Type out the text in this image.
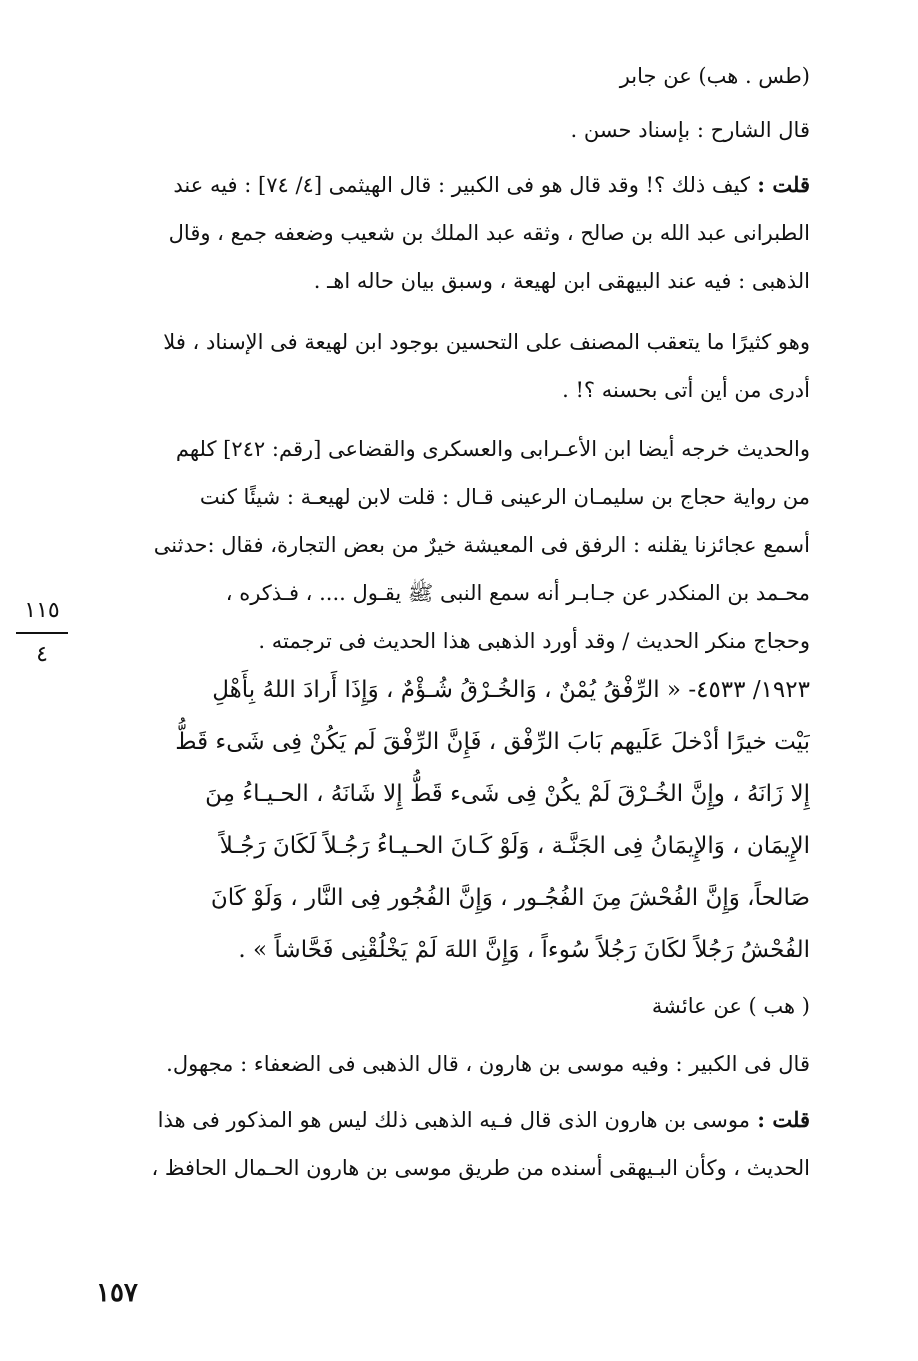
(طس . هب) عن جابر
قال الشارح : بإسناد حسن .
قلت : كيف ذلك ؟! وقد قال هو فى الكبير : قال الهيثمى [٤/ ٧٤] : فيه عند
الطبرانى عبد الله بن صالح ، وثقه عبد الملك بن شعيب وضعفه جمع ، وقال
الذهبى : فيه عند البيهقى ابن لهيعة ، وسبق بيان حاله اهـ .
وهو كثيرًا ما يتعقب المصنف على التحسين بوجود ابن لهيعة فى الإسناد ، فلا
أدرى من أين أتى بحسنه ؟! .
والحديث خرجه أيضا ابن الأعـرابى والعسكرى والقضاعى [رقم: ٢٤٢] كلهم
من رواية حجاج بن سليمـان الرعينى قـال : قلت لابن لهيعـة : شيئًا كنت
أسمع عجائزنا يقلنه : الرفق فى المعيشة خيرٌ من بعض التجارة، فقال :حدثنى
محـمد بن المنكدر عن جـابـر أنه سمع النبى ﷺ يقـول .... ، فـذكره ،
وحجاج منكر الحديث / وقد أورد الذهبى هذا الحديث فى ترجمته .
١٩٢٣/ ٤٥٣٣- « الرِّفْقُ يُمْنٌ ، وَالخُـرْقُ شُـؤْمٌ ، وَإِذَا أَرادَ اللهُ بِأَهْلِ
بَيْت خيرًا أدْخلَ عَلَيهم بَابَ الرِّفْق ، فَإِنَّ الرِّفْقَ لَم يَكُنْ فِى شَىء قَطُّ
إِلا زَانَهُ ، وإِنَّ الخُـرْقَ لَمْ يكُنْ فِى شَىء قَطُّ إِلا شَانَهُ ، الحـيـاءُ مِنَ
الإِيمَان ، وَالإِيمَانُ فِى الجَنَّـة ، وَلَوْ كَـانَ الحـيـاءُ رَجُـلاً لَكَانَ رَجُـلاً
صَالحاً، وَإِنَّ الفُحْشَ مِنَ الفُجُـور ، وَإِنَّ الفُجُور فِى النَّار ، وَلَوْ كَانَ
الفُحْشُ رَجُلاً لكَانَ رَجُلاً سُوءاً ، وَإِنَّ اللهَ لَمْ يَخْلُقْنِى فَحَّاشاً » .
( هب ) عن عائشة
قال فى الكبير : وفيه موسى بن هارون ، قال الذهبى فى الضعفاء : مجهول.
قلت : موسى بن هارون الذى قال فـيه الذهبى ذلك ليس هو المذكور فى هذا
الحديث ، وكأن البـيهقى أسنده من طريق موسى بن هارون الحـمال الحافظ ،
١١٥
٤
١٥٧
